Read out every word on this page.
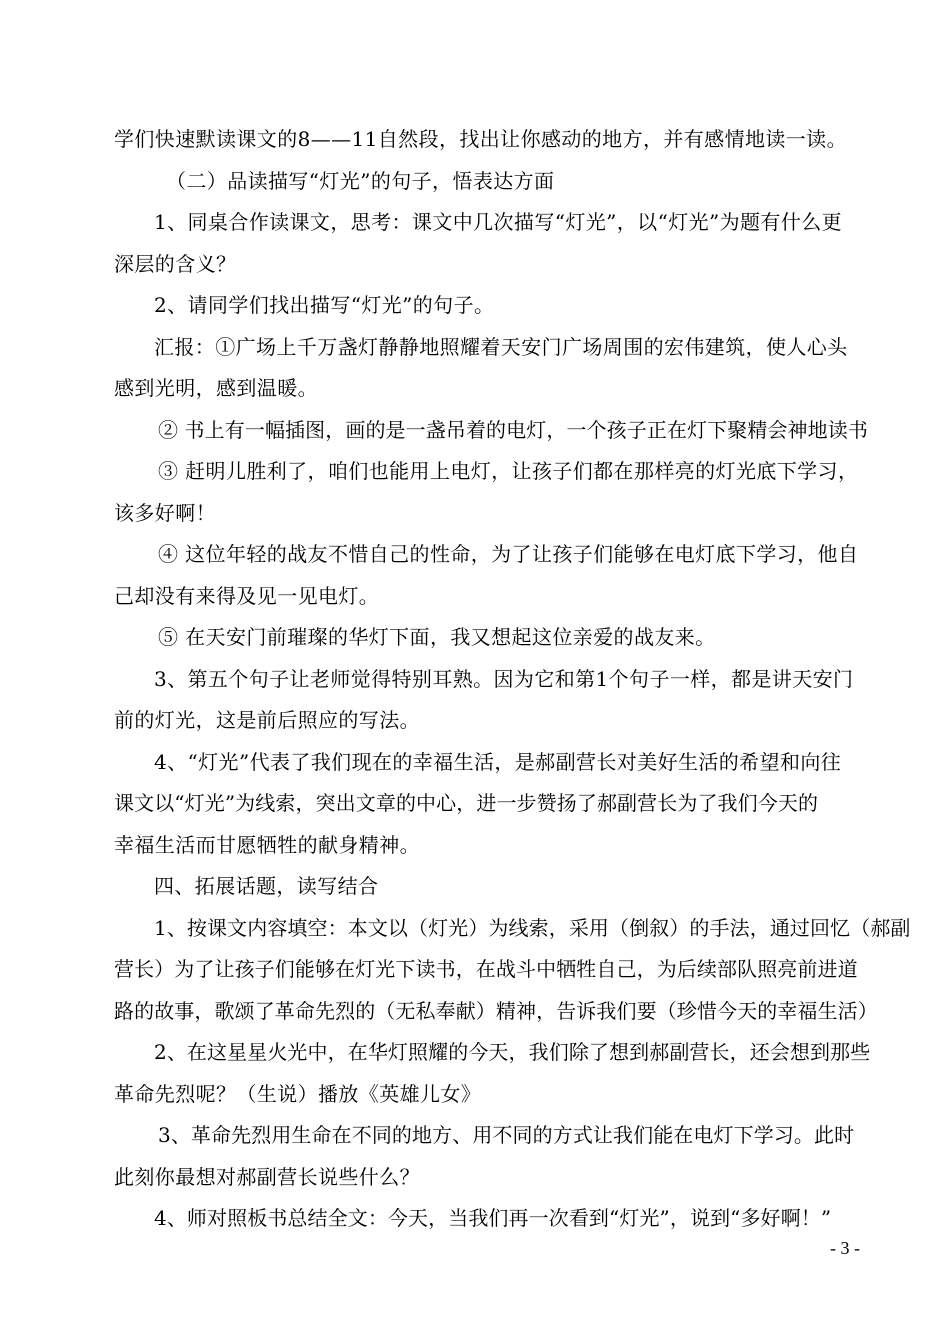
学们快速默读课文的8——11自然段，找出让你感动的地方，并有感情地读一读。
（二）品读描写“灯光”的句子，悟表达方面
1、同桌合作读课文，思考：课文中几次描写“灯光”，以“灯光”为题有什么更
深层的含义？
2、请同学们找出描写“灯光”的句子。
汇报：①广场上千万盏灯静静地照耀着天安门广场周围的宏伟建筑，使人心头
感到光明，感到温暖。
② 书上有一幅插图，画的是一盏吊着的电灯，一个孩子正在灯下聚精会神地读书
③ 赶明儿胜利了，咱们也能用上电灯，让孩子们都在那样亮的灯光底下学习，
该多好啊！
④ 这位年轻的战友不惜自己的性命，为了让孩子们能够在电灯底下学习，他自
己却没有来得及见一见电灯。
⑤ 在天安门前璀璨的华灯下面，我又想起这位亲爱的战友来。
3、第五个句子让老师觉得特别耳熟。因为它和第1个句子一样，都是讲天安门
前的灯光，这是前后照应的写法。
4、“灯光”代表了我们现在的幸福生活，是郝副营长对美好生活的希望和向往
课文以“灯光”为线索，突出文章的中心，进一步赞扬了郝副营长为了我们今天的
幸福生活而甘愿牺牲的献身精神。
四、拓展话题，读写结合
1、按课文内容填空：本文以（灯光）为线索，采用（倒叙）的手法，通过回忆（郝副
营长）为了让孩子们能够在灯光下读书，在战斗中牺牲自己，为后续部队照亮前进道
路的故事，歌颂了革命先烈的（无私奉献）精神，告诉我们要（珍惜今天的幸福生活）
2、在这星星火光中，在华灯照耀的今天，我们除了想到郝副营长，还会想到那些
革命先烈呢？（生说）播放《英雄儿女》
3、革命先烈用生命在不同的地方、用不同的方式让我们能在电灯下学习。此时
此刻你最想对郝副营长说些什么？
4、师对照板书总结全文：今天，当我们再一次看到“灯光”，说到“多好啊！”
- 3 -
